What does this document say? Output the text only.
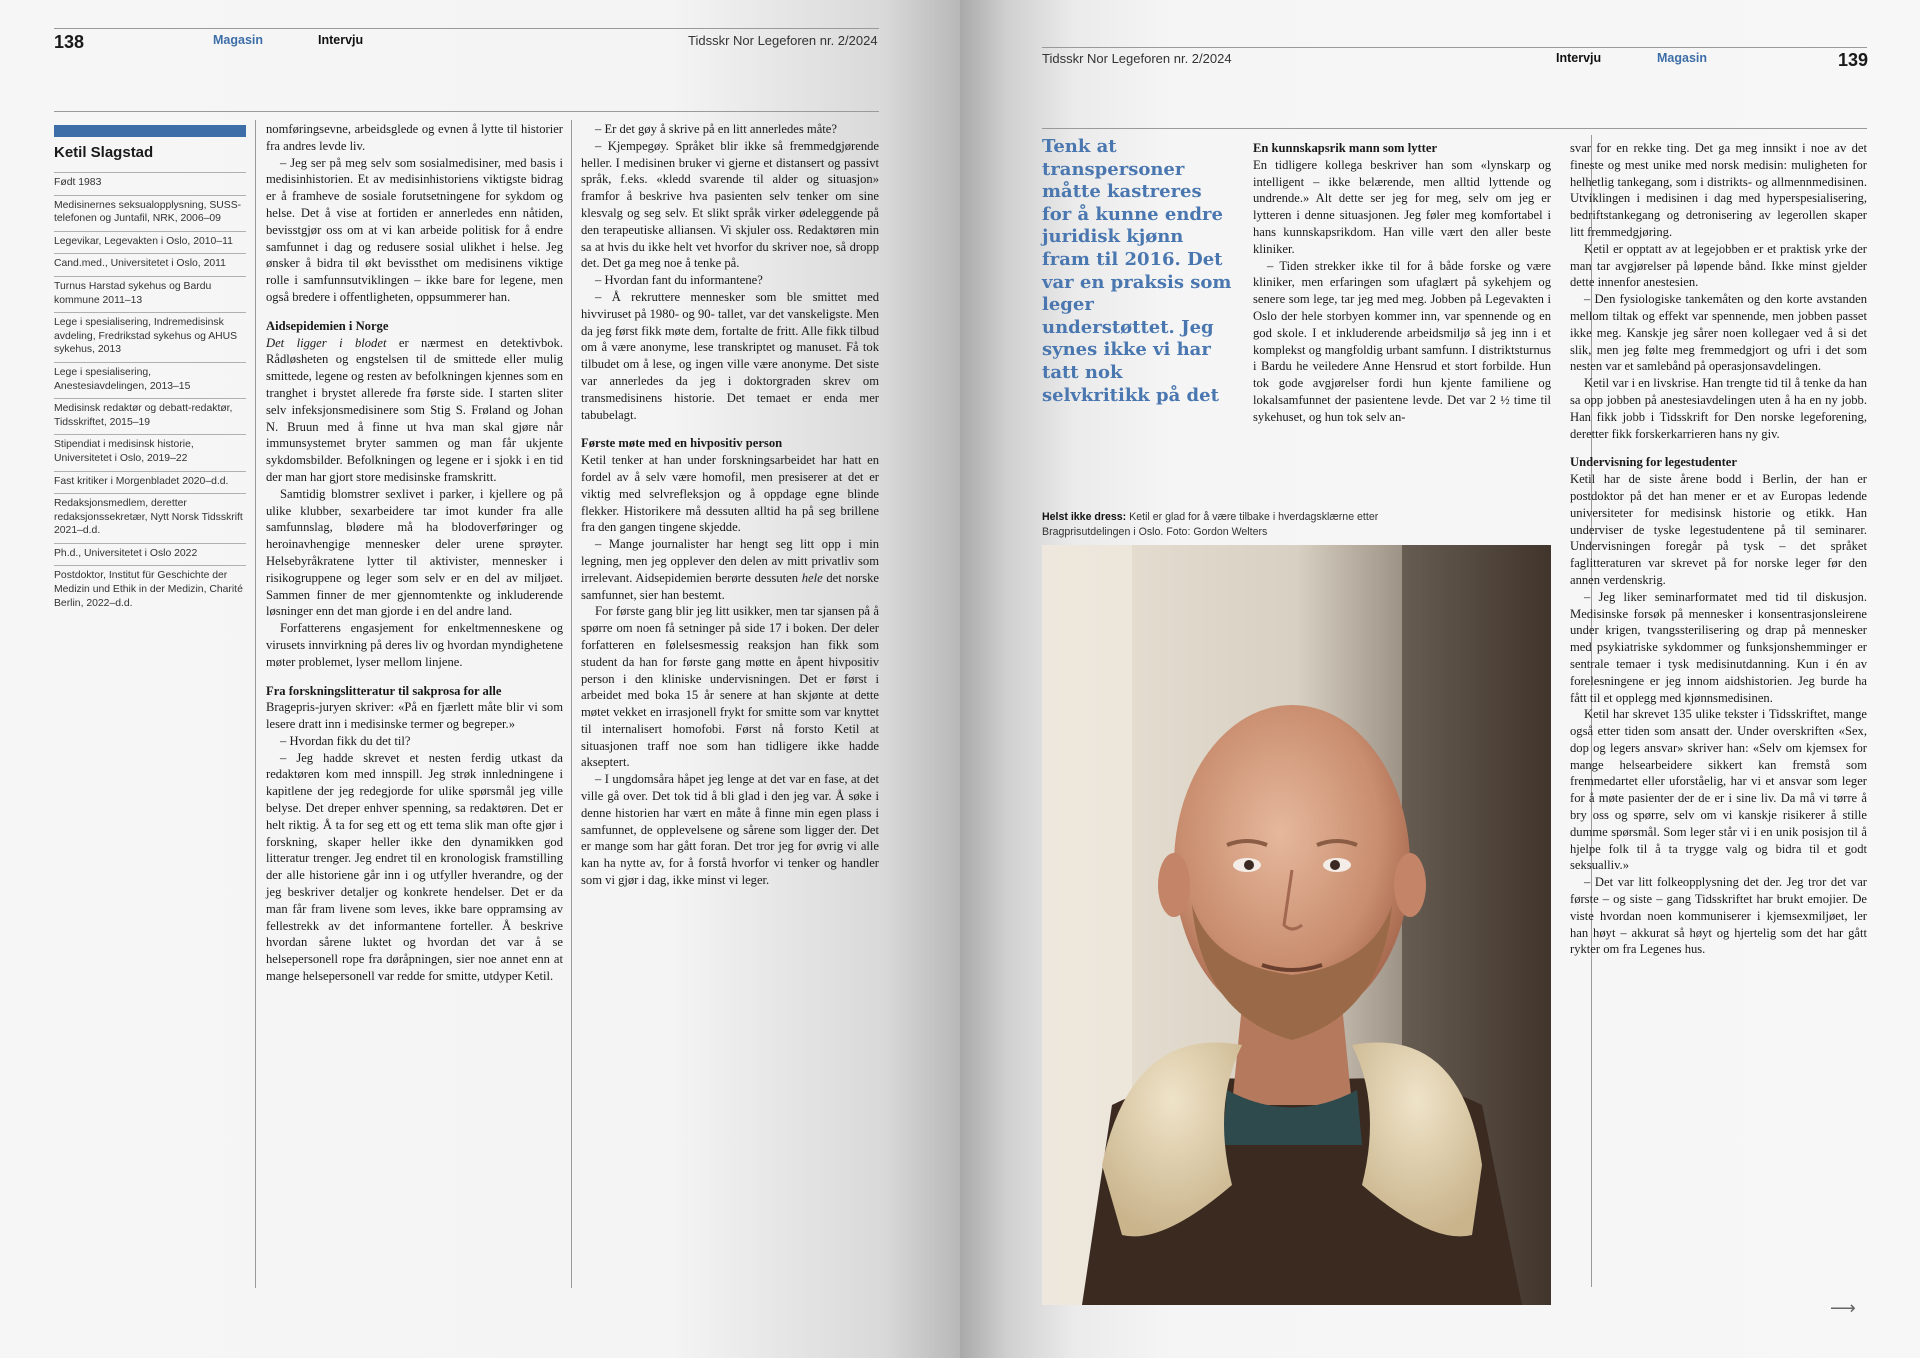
138	Magasin	Intervju	Tidsskr Nor Legeforen nr. 2/2024
Ketil Slagstad
Født 1983
Medisinernes seksualopplysning, SUSS-telefonen og Juntafil, NRK, 2006–09
Legevikar, Legevakten i Oslo, 2010–11
Cand.med., Universitetet i Oslo, 2011
Turnus Harstad sykehus og Bardu kommune 2011–13
Lege i spesialisering, Indremedisinsk avdeling, Fredrikstad sykehus og AHUS sykehus, 2013
Lege i spesialisering, Anestesiavdelingen, 2013–15
Medisinsk redaktør og debatt-redaktør, Tidsskriftet, 2015–19
Stipendiat i medisinsk historie, Universitetet i Oslo, 2019–22
Fast kritiker i Morgenbladet 2020–d.d.
Redaksjonsmedlem, deretter redaksjonssekretær, Nytt Norsk Tidsskrift 2021–d.d.
Ph.d., Universitetet i Oslo 2022
Postdoktor, Institut für Geschichte der Medizin und Ethik in der Medizin, Charité Berlin, 2022–d.d.

nomføringsevne, arbeidsglede og evnen å lytte til historier fra andres levde liv.

– Jeg ser på meg selv som sosialmedisiner, med basis i medisinhistorien. Et av medisinhistoriens viktigste bidrag er å framheve de sosiale forutsetningene for sykdom og helse. Det å vise at fortiden er annerledes enn nåtiden, bevisstgjør oss om at vi kan arbeide politisk for å endre samfunnet i dag og redusere sosial ulikhet i helse. Jeg ønsker å bidra til økt bevissthet om medisinens viktige rolle i samfunnsutviklingen – ikke bare for legene, men også bredere i offentligheten, oppsummerer han.

Aidsepidemien i Norge

Det ligger i blodet er nærmest en detektivbok. Rådløsheten og engstelsen til de smittede eller mulig smittede, legene og resten av befolkningen kjennes som en tranghet i brystet allerede fra første side. I starten sliter selv infeksjonsmedisinere som Stig S. Frøland og Johan N. Bruun med å finne ut hva man skal gjøre når immunsystemet bryter sammen og man får ukjente sykdomsbilder. Befolkningen og legene er i sjokk i en tid der man har gjort store medisinske framskritt.

Samtidig blomstrer sexlivet i parker, i kjellere og på ulike klubber, sexarbeidere tar imot kunder fra alle samfunnslag, blødere må ha blodoverføringer og heroinavhengige mennesker deler urene sprøyter. Helsebyråkratene lytter til aktivister, mennesker i risikogruppene og leger som selv er en del av miljøet. Sammen finner de mer gjennomtenkte og inkluderende løsninger enn det man gjorde i en del andre land.

Forfatterens engasjement for enkeltmenneskene og virusets innvirkning på deres liv og hvordan myndighetene møter problemet, lyser mellom linjene.

Fra forskningslitteratur til sakprosa for alle

Bragepris-juryen skriver: «På en fjærlett måte blir vi som lesere dratt inn i medisinske termer og begreper.»

– Hvordan fikk du det til?

– Jeg hadde skrevet et nesten ferdig utkast da redaktøren kom med innspill. Jeg strøk innledningene i kapitlene der jeg redegjorde for ulike spørsmål jeg ville belyse. Det dreper enhver spenning, sa redaktøren. Det er helt riktig. Å ta for seg ett og ett tema slik man ofte gjør i forskning, skaper heller ikke den dynamikken god litteratur trenger. Jeg endret til en kronologisk framstilling der alle historiene går inn i og utfyller hverandre, og der jeg beskriver detaljer og konkrete hendelser. Det er da man får fram livene som leves, ikke bare oppramsing av fellestrekk av det informantene forteller. Å beskrive hvordan sårene luktet og hvordan det var å se helsepersonell rope fra døråpningen, sier noe annet enn at mange helsepersonell var redde for smitte, utdyper Ketil.

– Er det gøy å skrive på en litt annerledes måte?

– Kjempegøy. Språket blir ikke så fremmedgjørende heller. I medisinen bruker vi gjerne et distansert og passivt språk, f.eks. «kledd svarende til alder og situasjon» framfor å beskrive hva pasienten selv tenker om sine klesvalg og seg selv. Et slikt språk virker ødeleggende på den terapeutiske alliansen. Vi skjuler oss. Redaktøren min sa at hvis du ikke helt vet hvorfor du skriver noe, så dropp det. Det ga meg noe å tenke på.

– Hvordan fant du informantene?

– Å rekruttere mennesker som ble smittet med hivviruset på 1980- og 90- tallet, var det vanskeligste. Men da jeg først fikk møte dem, fortalte de fritt. Alle fikk tilbud om å være anonyme, lese transkriptet og manuset. Få tok tilbudet om å lese, og ingen ville være anonyme. Det siste var annerledes da jeg i doktorgraden skrev om transmedisinens historie. Det temaet er enda mer tabubelagt.

Første møte med en hivpositiv person

Ketil tenker at han under forskningsarbeidet har hatt en fordel av å selv være homofil, men presiserer at det er viktig med selvrefleksjon og å oppdage egne blinde flekker. Historikere må dessuten alltid ha på seg brillene fra den gangen tingene skjedde.

– Mange journalister har hengt seg litt opp i min legning, men jeg opplever den delen av mitt privatliv som irrelevant. Aidsepidemien berørte dessuten hele det norske samfunnet, sier han bestemt.

For første gang blir jeg litt usikker, men tar sjansen på å spørre om noen få setninger på side 17 i boken. Der deler forfatteren en følelsesmessig reaksjon han fikk som student da han for første gang møtte en åpent hivpositiv person i den kliniske undervisningen. Det er først i arbeidet med boka 15 år senere at han skjønte at dette møtet vekket en irrasjonell frykt for smitte som var knyttet til internalisert homofobi. Først nå forsto Ketil at situasjonen traff noe som han tidligere ikke hadde akseptert.

– I ungdomsåra håpet jeg lenge at det var en fase, at det ville gå over. Det tok tid å bli glad i den jeg var. Å søke i denne historien har vært en måte å finne min egen plass i samfunnet, de opplevelsene og sårene som ligger der. Det er mange som har gått foran. Det tror jeg for øvrig vi alle kan ha nytte av, for å forstå hvorfor vi tenker og handler som vi gjør i dag, ikke minst vi leger.

Tidsskr Nor Legeforen nr. 2/2024	Intervju	Magasin	139
Tenk at transpersoner måtte kastreres for å kunne endre juridisk kjønn fram til 2016. Det var en praksis som leger understøttet. Jeg synes ikke vi har tatt nok selvkritikk på det
En kunnskapsrik mann som lytter

En tidligere kollega beskriver han som «lynskarp og intelligent – ikke belærende, men alltid lyttende og undrende.» Alt dette ser jeg for meg, selv om jeg er lytteren i denne situasjonen. Jeg føler meg komfortabel i hans kunnskapsrikdom. Han ville vært den aller beste kliniker.

– Tiden strekker ikke til for å både forske og være kliniker, men erfaringen som ufaglært på sykehjem og senere som lege, tar jeg med meg. Jobben på Legevakten i Oslo der hele storbyen kommer inn, var spennende og en god skole. I et inkluderende arbeidsmiljø så jeg inn i et komplekst og mangfoldig urbant samfunn. I distriktsturnus i Bardu he veiledere Anne Hensrud et stort forbilde. Hun tok gode avgjørelser fordi hun kjente familiene og lokalsamfunnet der pasientene levde. Det var 2 ½ time til sykehuset, og hun tok selv an-

Helst ikke dress: Ketil er glad for å være tilbake i hverdagsklærne etter Bragprisutdelingen i Oslo. Foto: Gordon Welters

svar for en rekke ting. Det ga meg innsikt i noe av det fineste og mest unike med norsk medisin: muligheten for helhetlig tankegang, som i distrikts- og allmennmedisinen. Utviklingen i medisinen i dag med hyperspesialisering, bedriftstankegang og detronisering av legerollen skaper litt fremmedgjøring.

Ketil er opptatt av at legejobben er et praktisk yrke der man tar avgjørelser på løpende bånd. Ikke minst gjelder dette innenfor anestesien.

– Den fysiologiske tankemåten og den korte avstanden mellom tiltak og effekt var spennende, men jobben passet ikke meg. Kanskje jeg sårer noen kollegaer ved å si det slik, men jeg følte meg fremmedgjort og ufri i det som nesten var et samlebånd på operasjonsavdelingen.

Ketil var i en livskrise. Han trengte tid til å tenke da han sa opp jobben på anestesiavdelingen uten å ha en ny jobb. Han fikk jobb i Tidsskrift for Den norske legeforening, deretter fikk forskerkarrieren hans ny giv.

Undervisning for legestudenter

Ketil har de siste årene bodd i Berlin, der han er postdoktor på det han mener er et av Europas ledende universiteter for medisinsk historie og etikk. Han underviser de tyske legestudentene på til seminarer. Undervisningen foregår på tysk – det språket faglitteraturen var skrevet på for norske leger før den annen verdenskrig.

– Jeg liker seminarformatet med tid til diskusjon. Medisinske forsøk på mennesker i konsentrasjonsleirene under krigen, tvangssterilisering og drap på mennesker med psykiatriske sykdommer og funksjonshemminger er sentrale temaer i tysk medisinutdanning. Kun i én av forelesningene er jeg innom aidshistorien. Jeg burde ha fått til et opplegg med kjønnsmedisinen.

Ketil har skrevet 135 ulike tekster i Tidsskriftet, mange også etter tiden som ansatt der. Under overskriften «Sex, dop og legers ansvar» skriver han: «Selv om kjemsex for mange helsearbeidere sikkert kan fremstå som fremmedartet eller uforståelig, har vi et ansvar som leger for å møte pasienter der de er i sine liv. Da må vi tørre å bry oss og spørre, selv om vi kanskje risikerer å stille dumme spørsmål. Som leger står vi i en unik posisjon til å hjelpe folk til å ta trygge valg og bidra til et godt seksualliv.»

– Det var litt folkeopplysning det der. Jeg tror det var første – og siste – gang Tidsskriftet har brukt emojier. De viste hvordan noen kommuniserer i kjemsexmiljøet, ler han høyt – akkurat så høyt og hjertelig som det har gått rykter om fra Legenes hus.

⟶
